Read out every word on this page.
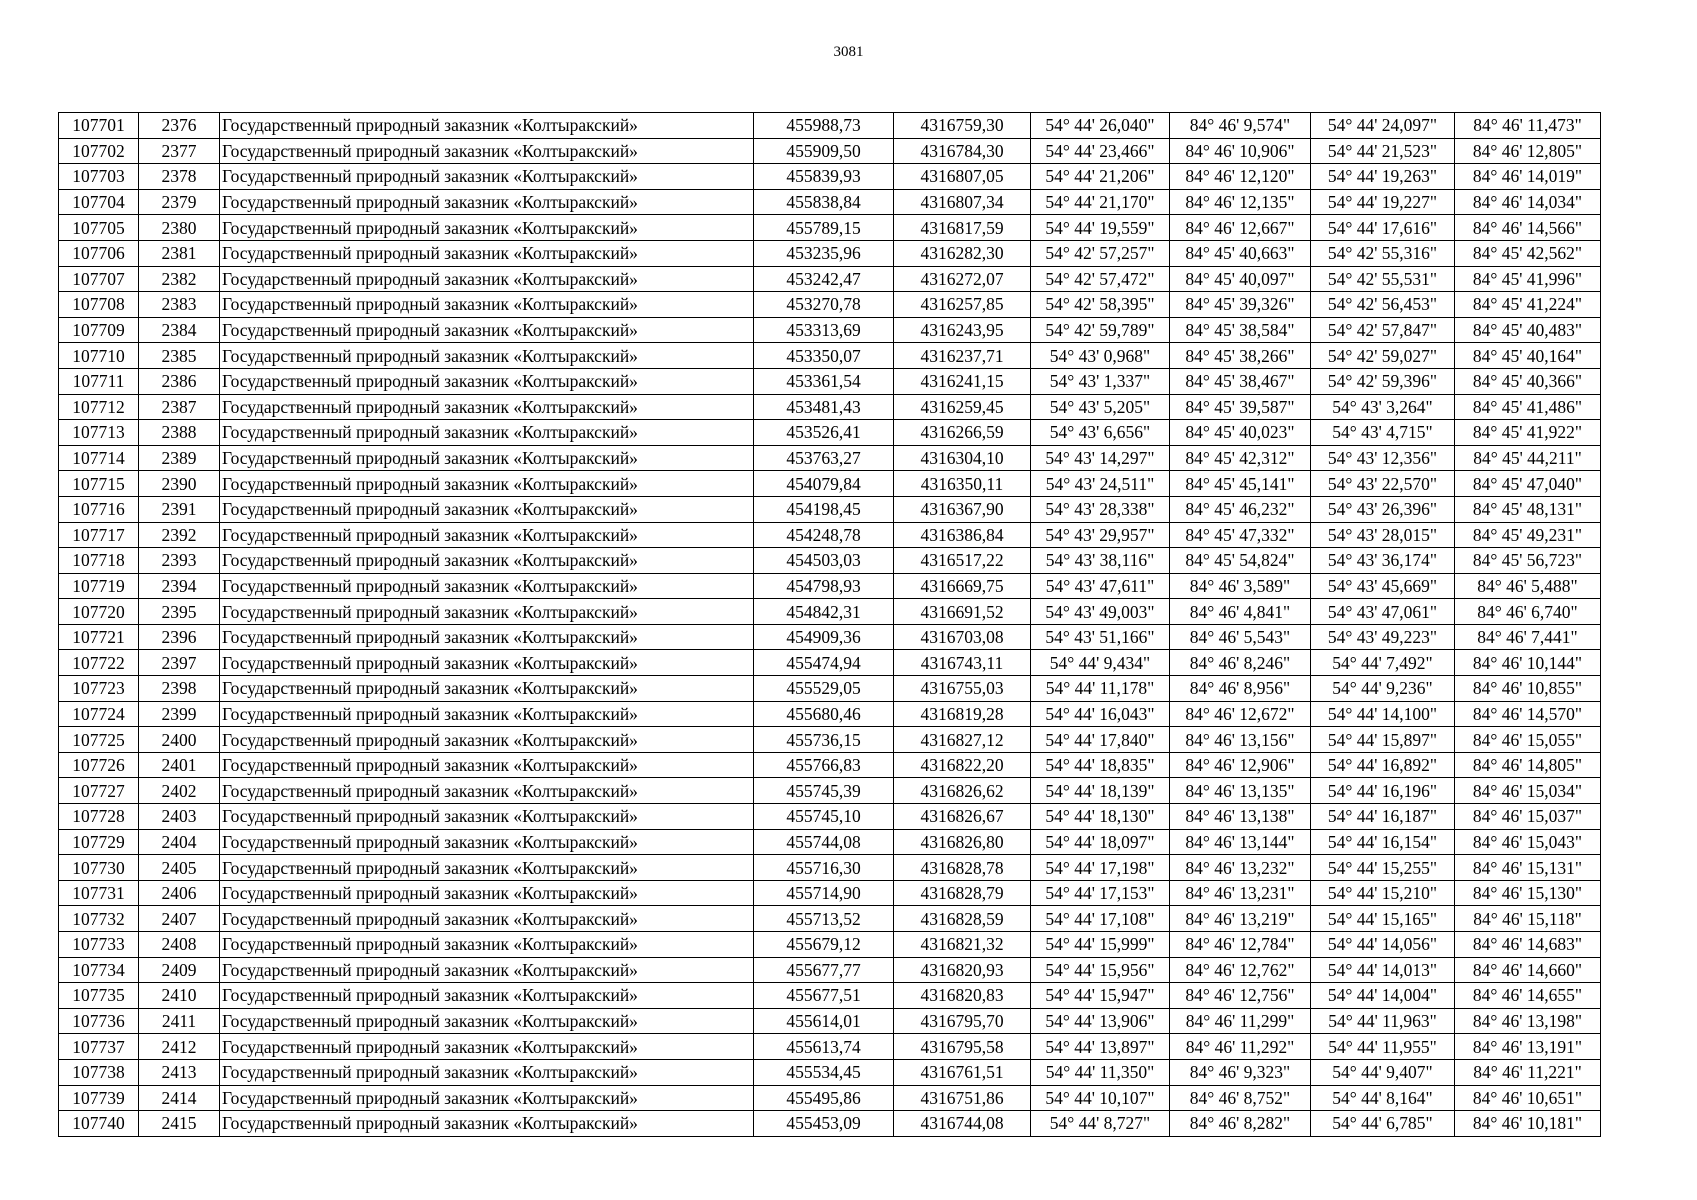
3081
107701	2376	Государственный природный заказник «Колтыракский»	455988,73	4316759,30	54° 44' 26,040"	84° 46' 9,574"	54° 44' 24,097"	84° 46' 11,473"
107702	2377	Государственный природный заказник «Колтыракский»	455909,50	4316784,30	54° 44' 23,466"	84° 46' 10,906"	54° 44' 21,523"	84° 46' 12,805"
107703	2378	Государственный природный заказник «Колтыракский»	455839,93	4316807,05	54° 44' 21,206"	84° 46' 12,120"	54° 44' 19,263"	84° 46' 14,019"
107704	2379	Государственный природный заказник «Колтыракский»	455838,84	4316807,34	54° 44' 21,170"	84° 46' 12,135"	54° 44' 19,227"	84° 46' 14,034"
107705	2380	Государственный природный заказник «Колтыракский»	455789,15	4316817,59	54° 44' 19,559"	84° 46' 12,667"	54° 44' 17,616"	84° 46' 14,566"
107706	2381	Государственный природный заказник «Колтыракский»	453235,96	4316282,30	54° 42' 57,257"	84° 45' 40,663"	54° 42' 55,316"	84° 45' 42,562"
107707	2382	Государственный природный заказник «Колтыракский»	453242,47	4316272,07	54° 42' 57,472"	84° 45' 40,097"	54° 42' 55,531"	84° 45' 41,996"
107708	2383	Государственный природный заказник «Колтыракский»	453270,78	4316257,85	54° 42' 58,395"	84° 45' 39,326"	54° 42' 56,453"	84° 45' 41,224"
107709	2384	Государственный природный заказник «Колтыракский»	453313,69	4316243,95	54° 42' 59,789"	84° 45' 38,584"	54° 42' 57,847"	84° 45' 40,483"
107710	2385	Государственный природный заказник «Колтыракский»	453350,07	4316237,71	54° 43' 0,968"	84° 45' 38,266"	54° 42' 59,027"	84° 45' 40,164"
107711	2386	Государственный природный заказник «Колтыракский»	453361,54	4316241,15	54° 43' 1,337"	84° 45' 38,467"	54° 42' 59,396"	84° 45' 40,366"
107712	2387	Государственный природный заказник «Колтыракский»	453481,43	4316259,45	54° 43' 5,205"	84° 45' 39,587"	54° 43' 3,264"	84° 45' 41,486"
107713	2388	Государственный природный заказник «Колтыракский»	453526,41	4316266,59	54° 43' 6,656"	84° 45' 40,023"	54° 43' 4,715"	84° 45' 41,922"
107714	2389	Государственный природный заказник «Колтыракский»	453763,27	4316304,10	54° 43' 14,297"	84° 45' 42,312"	54° 43' 12,356"	84° 45' 44,211"
107715	2390	Государственный природный заказник «Колтыракский»	454079,84	4316350,11	54° 43' 24,511"	84° 45' 45,141"	54° 43' 22,570"	84° 45' 47,040"
107716	2391	Государственный природный заказник «Колтыракский»	454198,45	4316367,90	54° 43' 28,338"	84° 45' 46,232"	54° 43' 26,396"	84° 45' 48,131"
107717	2392	Государственный природный заказник «Колтыракский»	454248,78	4316386,84	54° 43' 29,957"	84° 45' 47,332"	54° 43' 28,015"	84° 45' 49,231"
107718	2393	Государственный природный заказник «Колтыракский»	454503,03	4316517,22	54° 43' 38,116"	84° 45' 54,824"	54° 43' 36,174"	84° 45' 56,723"
107719	2394	Государственный природный заказник «Колтыракский»	454798,93	4316669,75	54° 43' 47,611"	84° 46' 3,589"	54° 43' 45,669"	84° 46' 5,488"
107720	2395	Государственный природный заказник «Колтыракский»	454842,31	4316691,52	54° 43' 49,003"	84° 46' 4,841"	54° 43' 47,061"	84° 46' 6,740"
107721	2396	Государственный природный заказник «Колтыракский»	454909,36	4316703,08	54° 43' 51,166"	84° 46' 5,543"	54° 43' 49,223"	84° 46' 7,441"
107722	2397	Государственный природный заказник «Колтыракский»	455474,94	4316743,11	54° 44' 9,434"	84° 46' 8,246"	54° 44' 7,492"	84° 46' 10,144"
107723	2398	Государственный природный заказник «Колтыракский»	455529,05	4316755,03	54° 44' 11,178"	84° 46' 8,956"	54° 44' 9,236"	84° 46' 10,855"
107724	2399	Государственный природный заказник «Колтыракский»	455680,46	4316819,28	54° 44' 16,043"	84° 46' 12,672"	54° 44' 14,100"	84° 46' 14,570"
107725	2400	Государственный природный заказник «Колтыракский»	455736,15	4316827,12	54° 44' 17,840"	84° 46' 13,156"	54° 44' 15,897"	84° 46' 15,055"
107726	2401	Государственный природный заказник «Колтыракский»	455766,83	4316822,20	54° 44' 18,835"	84° 46' 12,906"	54° 44' 16,892"	84° 46' 14,805"
107727	2402	Государственный природный заказник «Колтыракский»	455745,39	4316826,62	54° 44' 18,139"	84° 46' 13,135"	54° 44' 16,196"	84° 46' 15,034"
107728	2403	Государственный природный заказник «Колтыракский»	455745,10	4316826,67	54° 44' 18,130"	84° 46' 13,138"	54° 44' 16,187"	84° 46' 15,037"
107729	2404	Государственный природный заказник «Колтыракский»	455744,08	4316826,80	54° 44' 18,097"	84° 46' 13,144"	54° 44' 16,154"	84° 46' 15,043"
107730	2405	Государственный природный заказник «Колтыракский»	455716,30	4316828,78	54° 44' 17,198"	84° 46' 13,232"	54° 44' 15,255"	84° 46' 15,131"
107731	2406	Государственный природный заказник «Колтыракский»	455714,90	4316828,79	54° 44' 17,153"	84° 46' 13,231"	54° 44' 15,210"	84° 46' 15,130"
107732	2407	Государственный природный заказник «Колтыракский»	455713,52	4316828,59	54° 44' 17,108"	84° 46' 13,219"	54° 44' 15,165"	84° 46' 15,118"
107733	2408	Государственный природный заказник «Колтыракский»	455679,12	4316821,32	54° 44' 15,999"	84° 46' 12,784"	54° 44' 14,056"	84° 46' 14,683"
107734	2409	Государственный природный заказник «Колтыракский»	455677,77	4316820,93	54° 44' 15,956"	84° 46' 12,762"	54° 44' 14,013"	84° 46' 14,660"
107735	2410	Государственный природный заказник «Колтыракский»	455677,51	4316820,83	54° 44' 15,947"	84° 46' 12,756"	54° 44' 14,004"	84° 46' 14,655"
107736	2411	Государственный природный заказник «Колтыракский»	455614,01	4316795,70	54° 44' 13,906"	84° 46' 11,299"	54° 44' 11,963"	84° 46' 13,198"
107737	2412	Государственный природный заказник «Колтыракский»	455613,74	4316795,58	54° 44' 13,897"	84° 46' 11,292"	54° 44' 11,955"	84° 46' 13,191"
107738	2413	Государственный природный заказник «Колтыракский»	455534,45	4316761,51	54° 44' 11,350"	84° 46' 9,323"	54° 44' 9,407"	84° 46' 11,221"
107739	2414	Государственный природный заказник «Колтыракский»	455495,86	4316751,86	54° 44' 10,107"	84° 46' 8,752"	54° 44' 8,164"	84° 46' 10,651"
107740	2415	Государственный природный заказник «Колтыракский»	455453,09	4316744,08	54° 44' 8,727"	84° 46' 8,282"	54° 44' 6,785"	84° 46' 10,181"
